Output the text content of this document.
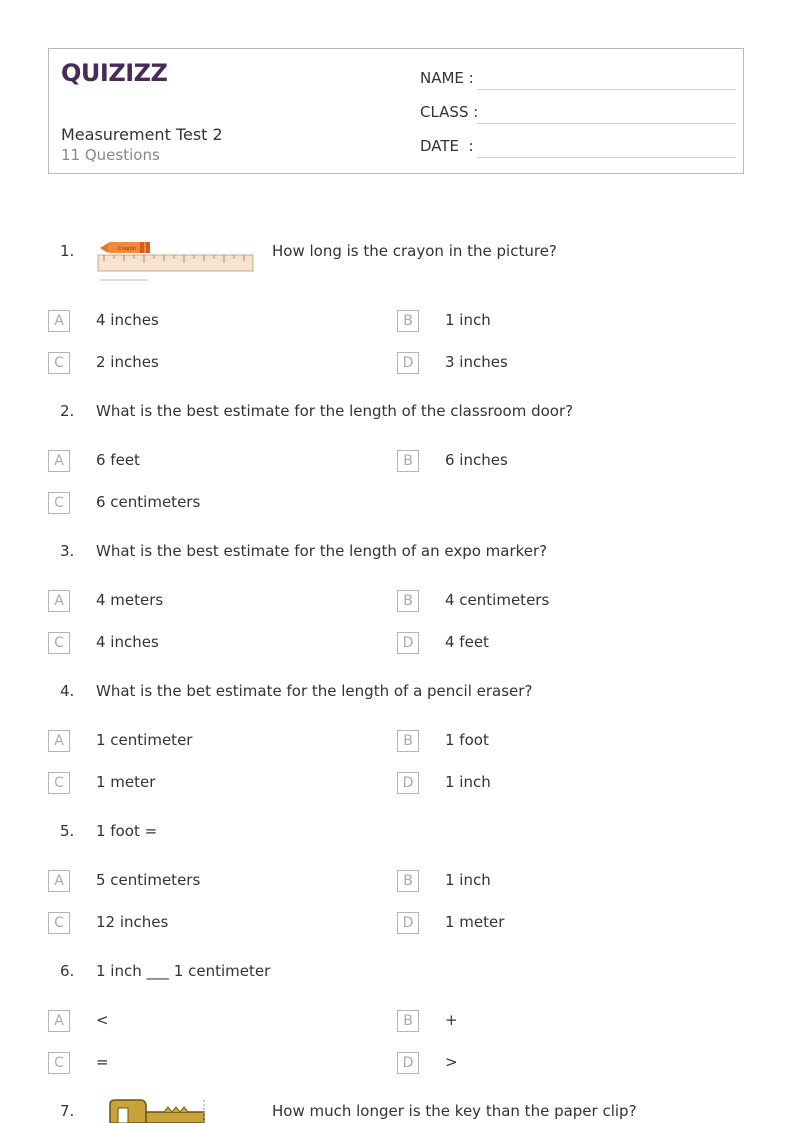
QUIZIZZ
Measurement Test 2
11 Questions
NAME :
CLASS :
DATE  :
1.	Crayon	How long is the crayon in the picture?
A	4 inches	B	1 inch
C	2 inches	D	3 inches
2. What is the best estimate for the length of the classroom door?
A	6 feet	B	6 inches
C	6 centimeters
3. What is the best estimate for the length of an expo marker?
A	4 meters	B	4 centimeters
C	4 inches	D	4 feet
4. What is the bet estimate for the length of a pencil eraser?
A	1 centimeter	B	1 foot
C	1 meter	D	1 inch
5. 1 foot =
A	5 centimeters	B	1 inch
C	12 inches	D	1 meter
6. 1 inch ___ 1 centimeter
A	<	B	+
C	=	D	>
7.	How much longer is the key than the paper clip?
